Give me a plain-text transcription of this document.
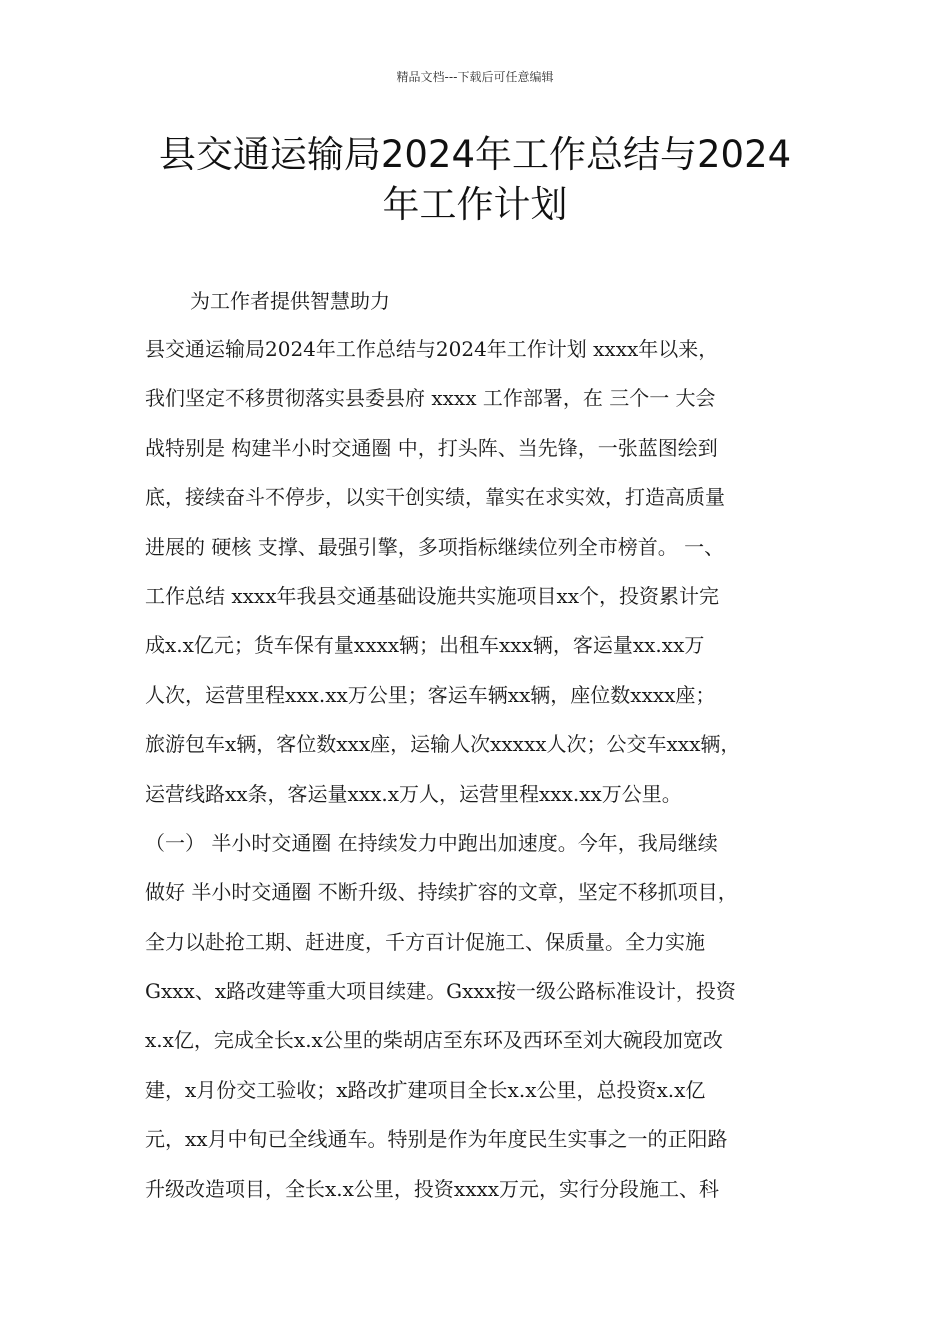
精品文档---下载后可任意编辑
县交通运输局2024年工作总结与2024
年工作计划

为工作者提供智慧助力

县交通运输局2024年工作总结与2024年工作计划 xxxx年以来，
我们坚定不移贯彻落实县委县府 xxxx 工作部署，在 三个一 大会
战特别是 构建半小时交通圈 中，打头阵、当先锋，一张蓝图绘到
底，接续奋斗不停步，以实干创实绩，靠实在求实效，打造高质量
进展的 硬核 支撑、最强引擎，多项指标继续位列全市榜首。 一、
工作总结 xxxx年我县交通基础设施共实施项目xx个，投资累计完
成x.x亿元；货车保有量xxxx辆；出租车xxx辆，客运量xx.xx万
人次，运营里程xxx.xx万公里；客运车辆xx辆，座位数xxxx座；
旅游包车x辆，客位数xxx座，运输人次xxxxx人次；公交车xxx辆，
运营线路xx条，客运量xxx.x万人，运营里程xxx.xx万公里。
（一） 半小时交通圈 在持续发力中跑出加速度。今年，我局继续
做好 半小时交通圈 不断升级、持续扩容的文章，坚定不移抓项目，
全力以赴抢工期、赶进度，千方百计促施工、保质量。全力实施
Gxxx、x路改建等重大项目续建。Gxxx按一级公路标准设计，投资
x.x亿，完成全长x.x公里的柴胡店至东环及西环至刘大碗段加宽改
建，x月份交工验收；x路改扩建项目全长x.x公里，总投资x.x亿
元，xx月中旬已全线通车。特别是作为年度民生实事之一的正阳路
升级改造项目，全长x.x公里，投资xxxx万元，实行分段施工、科
